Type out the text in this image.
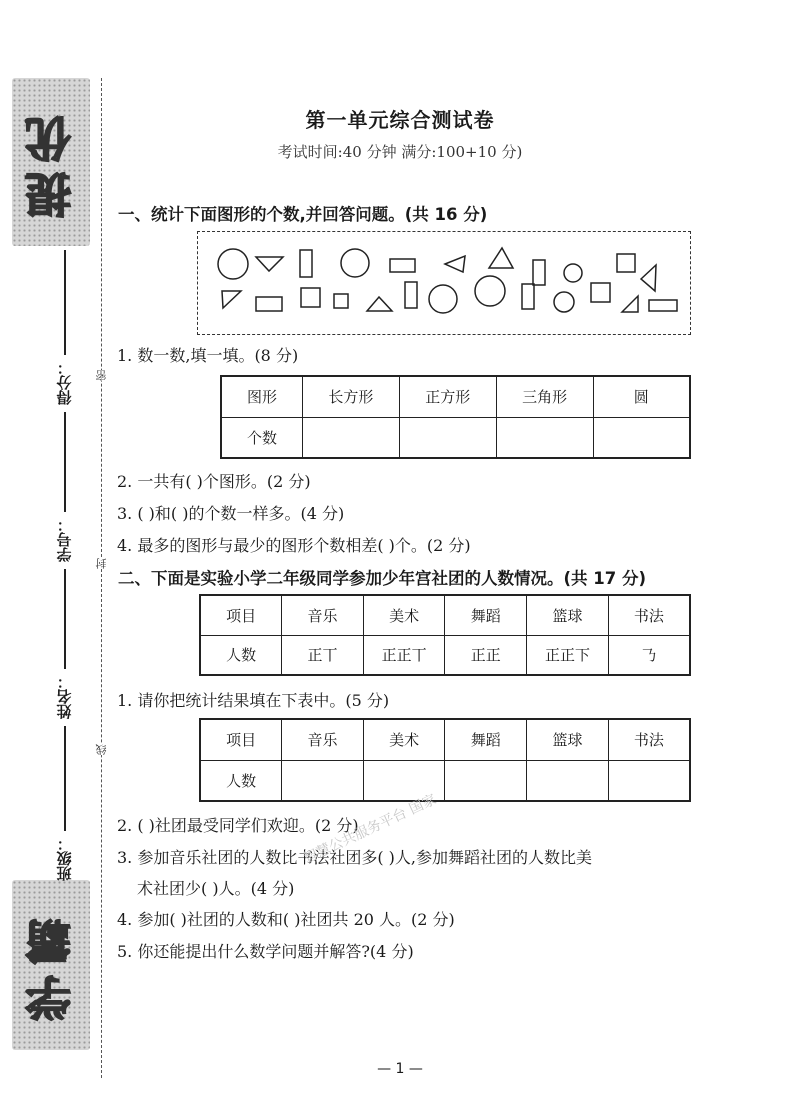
提优
学霸
得分：
学号：
姓名：
班级：
密
封
线
第一单元综合测试卷
考试时间:40 分钟 满分:100+10 分)
一、统计下面图形的个数,并回答问题。(共 16 分)
1. 数一数,填一填。(8 分)
图形	长方形	正方形	三角形	圆
个数				
2. 一共有( )个图形。(2 分)
3. ( )和( )的个数一样多。(4 分)
4. 最多的图形与最少的图形个数相差( )个。(2 分)
二、下面是实验小学二年级同学参加少年宫社团的人数情况。(共 17 分)
项目	音乐	美术	舞蹈	篮球	书法
人数	正丅	正正丅	正正	正正下	𠄎
1. 请你把统计结果填在下表中。(5 分)
项目	音乐	美术	舞蹈	篮球	书法
人数					
2. ( )社团最受同学们欢迎。(2 分)
3. 参加音乐社团的人数比书法社团多( )人,参加舞蹈社团的人数比美
术社团少( )人。(4 分)
4. 参加( )社团的人数和( )社团共 20 人。(2 分)
5. 你还能提出什么数学问题并解答?(4 分)
智慧公共服务平台 国家
— 1 —
